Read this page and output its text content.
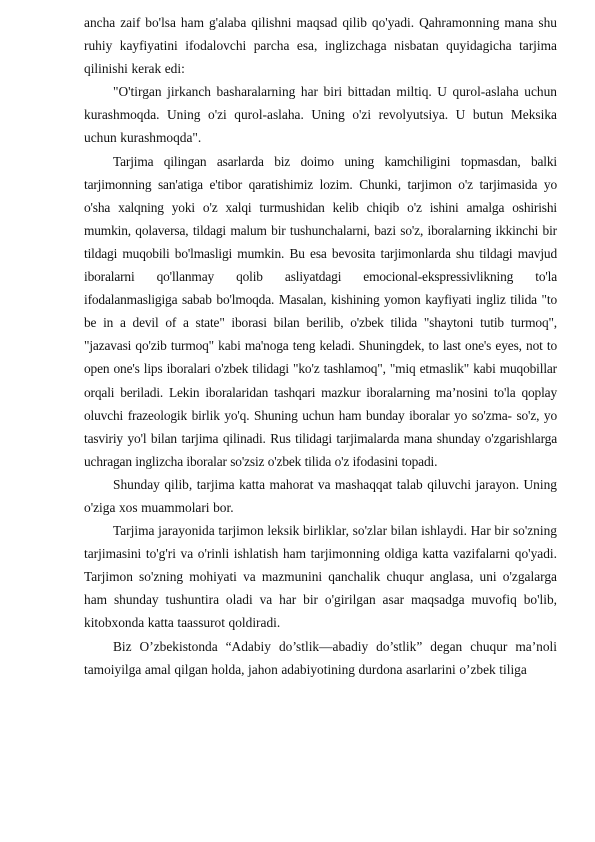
ancha zaif bo'lsa ham g'alaba qilishni maqsad qilib qo'yadi. Qahramonning mana shu ruhiy kayfiyatini ifodalovchi parcha esa, inglizchaga nisbatan quyidagicha tarjima qilinishi kerak edi:

"O'tirgan jirkanch basharalarning har biri bittadan miltiq. U qurol-aslaha uchun kurashmoqda. Uning o'zi qurol-aslaha. Uning o'zi revolyutsiya. U butun Meksika uchun kurashmoqda".

Tarjima qilingan asarlarda biz doimo uning kamchiligini topmasdan, balki tarjimonning san'atiga e'tibor qaratishimiz lozim. Chunki, tarjimon o'z tarjimasida yo o'sha xalqning yoki o'z xalqi turmushidan kelib chiqib o'z ishini amalga oshirishi mumkin, qolaversa, tildagi malum bir tushunchalarni, bazi so'z, iboralarning ikkinchi bir tildagi muqobili bo'lmasligi mumkin. Bu esa bevosita tarjimonlarda shu tildagi mavjud iboralarni qo'llanmay qolib asliyatdagi emocional-ekspressivlikning to'la ifodalanmasligiga sabab bo'lmoqda. Masalan, kishining yomon kayfiyati ingliz tilida "to be in a devil of a state" iborasi bilan berilib, o'zbek tilida "shaytoni tutib turmoq", "jazavasi qo'zib turmoq" kabi ma'noga teng keladi. Shuningdek, to last one's eyes, not to open one's lips iboralari o'zbek tilidagi "ko'z tashlamoq", "miq etmaslik" kabi muqobillar orqali beriladi. Lekin iboralaridan tashqari mazkur iboralarning ma’nosini to'la qoplay oluvchi frazeologik birlik yo'q. Shuning uchun ham bunday iboralar yo so'zma- so'z, yo tasviriy yo'l bilan tarjima qilinadi. Rus tilidagi tarjimalarda mana shunday o'zgarishlarga uchragan inglizcha iboralar so'zsiz o'zbek tilida o'z ifodasini topadi.

Shunday qilib, tarjima katta mahorat va mashaqqat talab qiluvchi jarayon. Uning o'ziga xos muammolari bor.

Tarjima jarayonida tarjimon leksik birliklar, so'zlar bilan ishlaydi. Har bir so'zning tarjimasini to'g'ri va o'rinli ishlatish ham tarjimonning oldiga katta vazifalarni qo'yadi. Tarjimon so'zning mohiyati va mazmunini qanchalik chuqur anglasa, uni o'zgalarga ham shunday tushuntira oladi va har bir o'girilgan asar maqsadga muvofiq bo'lib, kitobxonda katta taassurot qoldiradi.

Biz O’zbekistonda “Adabiy do’stlik—abadiy do’stlik” degan chuqur ma’noli tamoiyilga amal qilgan holda, jahon adabiyotining durdona asarlarini o’zbek tiliga
